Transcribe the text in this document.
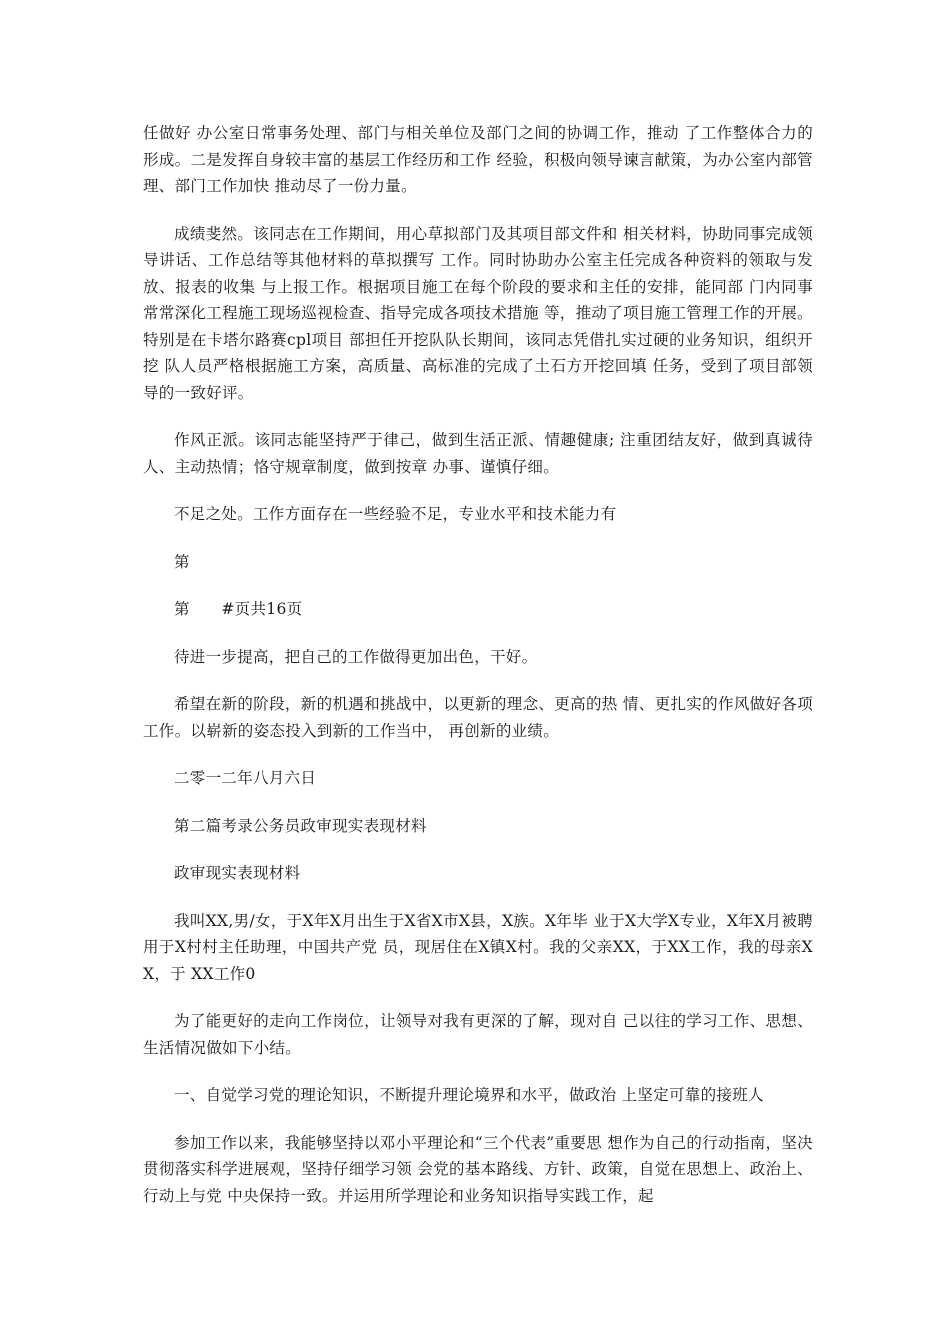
任做好 办公室日常事务处理、部门与相关单位及部门之间的协调工作，推动 了工作整体合力的形成。二是发挥自身较丰富的基层工作经历和工作 经验，积极向领导谏言献策，为办公室内部管理、部门工作加快 推动尽了一份力量。

成绩斐然。该同志在工作期间，用心草拟部门及其项目部文件和 相关材料，协助同事完成领导讲话、工作总结等其他材料的草拟撰写 工作。同时协助办公室主任完成各种资料的领取与发放、报表的收集 与上报工作。根据项目施工在每个阶段的要求和主任的安排，能同部 门内同事常常深化工程施工现场巡视检查、指导完成各项技术措施 等，推动了项目施工管理工作的开展。特别是在卡塔尔路赛cpl项目 部担任开挖队队长期间，该同志凭借扎实过硬的业务知识，组织开挖 队人员严格根据施工方案，高质量、高标准的完成了土石方开挖回填 任务，受到了项目部领导的一致好评。

作风正派。该同志能坚持严于律己，做到生活正派、情趣健康; 注重团结友好，做到真诚待人、主动热情；恪守规章制度，做到按章 办事、谨慎仔细。

不足之处。工作方面存在一些经验不足，专业水平和技术能力有

第

第　　#页共16页

待进一步提高，把自己的工作做得更加出色，干好。

希望在新的阶段，新的机遇和挑战中，以更新的理念、更高的热 情、更扎实的作风做好各项工作。以崭新的姿态投入到新的工作当中， 再创新的业绩。

二零一二年八月六日

第二篇考录公务员政审现实表现材料

政审现实表现材料

我叫XX,男/女，于X年X月出生于X省X市X县，X族。X年毕 业于X大学X专业，X年X月被聘用于X村村主任助理，中国共产党 员，现居住在X镇X村。我的父亲XX，于XX工作，我的母亲XX，于 XX工作0

为了能更好的走向工作岗位，让领导对我有更深的了解，现对自 己以往的学习工作、思想、生活情况做如下小结。

一、自觉学习党的理论知识，不断提升理论境界和水平，做政治 上坚定可靠的接班人

参加工作以来，我能够坚持以邓小平理论和“三个代表”重要思 想作为自己的行动指南，坚决贯彻落实科学进展观，坚持仔细学习领 会党的基本路线、方针、政策，自觉在思想上、政治上、行动上与党 中央保持一致。并运用所学理论和业务知识指导实践工作，起
